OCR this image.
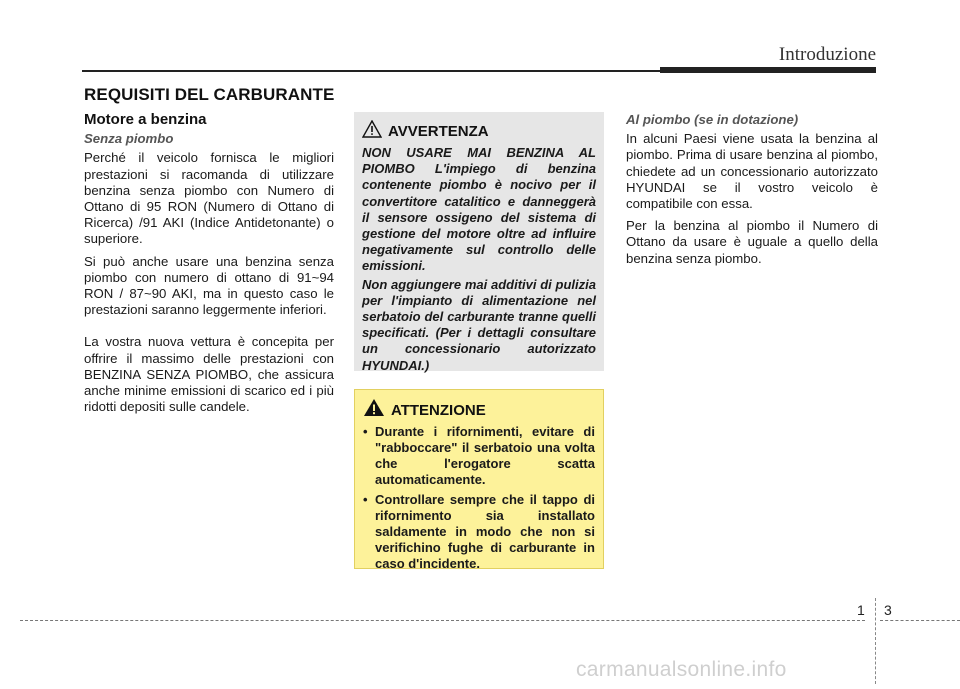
Introduzione
REQUISITI DEL CARBURANTE
Motore a benzina
Senza piombo

Perché il veicolo fornisca le migliori prestazioni si racomanda di utilizzare benzina senza piombo con Numero di Ottano di 95 RON (Numero di Ottano di Ricerca) /91 AKI (Indice Antidetonante) o superiore.

Si può anche usare una benzina senza piombo con numero di ottano di 91~94 RON / 87~90 AKI, ma in questo caso le prestazioni saranno leggermente inferiori.

La vostra nuova vettura è concepita per offrire il massimo delle prestazioni con BENZINA SENZA PIOMBO, che assicura anche minime emissioni di scarico ed i più ridotti depositi sulle candele.

AVVERTENZA

NON USARE MAI BENZINA AL PIOMBO L'impiego di benzina contenente piombo è nocivo per il convertitore catalitico e danneggerà il sensore ossigeno del sistema di gestione del motore oltre ad influire negativamente sul controllo delle emissioni.

Non aggiungere mai additivi di pulizia per l'impianto di alimentazione nel serbatoio del carburante tranne quelli specificati. (Per i dettagli consultare un concessionario autorizzato HYUNDAI.)

ATTENZIONE
• Durante i rifornimenti, evitare di "rabboccare" il serbatoio una volta che l'erogatore scatta automaticamente.
• Controllare sempre che il tappo di rifornimento sia installato saldamente in modo che non si verifichino fughe di carburante in caso d'incidente.
Al piombo (se in dotazione)

In alcuni Paesi viene usata la benzina al piombo. Prima di usare benzina al piombo, chiedete ad un concessionario autorizzato HYUNDAI se il vostro veicolo è compatibile con essa.

Per la benzina al piombo il Numero di Ottano da usare è uguale a quello della benzina senza piombo.

1 3
carmanualsonline.info
